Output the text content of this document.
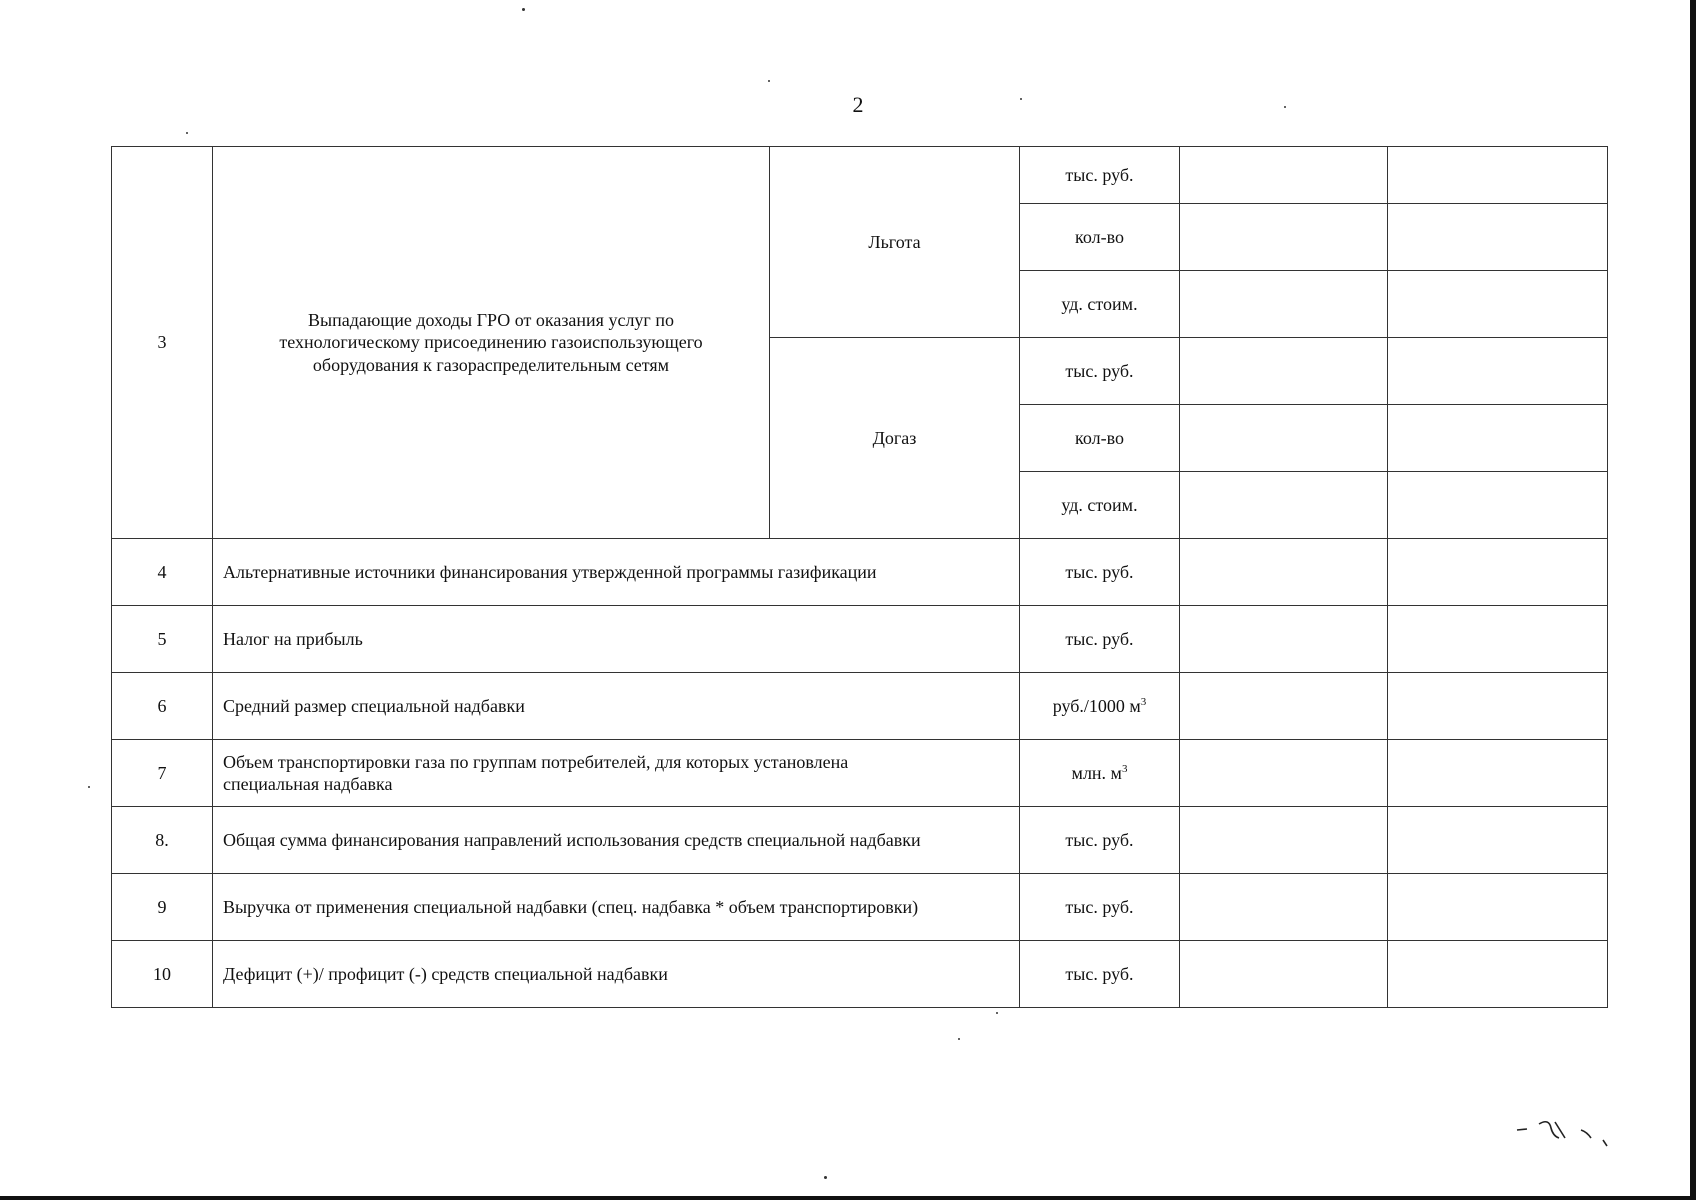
2
3	Выпадающие доходы ГРО от оказания услуг по технологическому присоединению газоиспользующего оборудования к газораспределительным сетям	Льгота	тыс. руб.		
			кол-во		
			уд. стоим.		
		Догаз	тыс. руб.		
			кол-во		
			уд. стоим.		
4	Альтернативные источники финансирования утвержденной программы газификации		тыс. руб.		
5	Налог на прибыль		тыс. руб.		
6	Средний размер специальной надбавки		руб./1000 $м^3$		
7	Объем транспортировки газа по группам потребителей, для которых установлена специальная надбавка		млн. $м^3$		
8.	Общая сумма финансирования направлений использования средств специальной надбавки		тыс. руб.		
9	Выручка от применения специальной надбавки (спец. надбавка * объем транспортировки)		тыс. руб.		
10	Дефицит (+)/ профицит (-) средств специальной надбавки		тыс. руб.		
